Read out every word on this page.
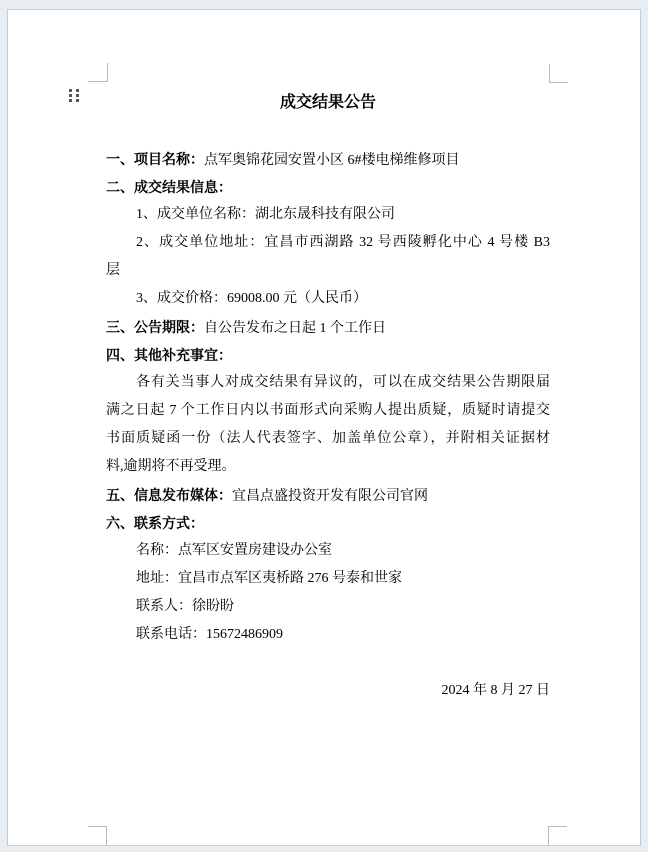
成交结果公告
一、项目名称：点军奥锦花园安置小区 6#楼电梯维修项目
二、成交结果信息：
1、成交单位名称：湖北东晟科技有限公司
2、成交单位地址：宜昌市西湖路 32 号西陵孵化中心 4 号楼 B3
层
3、成交价格：69008.00 元（人民币）
三、公告期限：自公告发布之日起 1 个工作日
四、其他补充事宜：
各有关当事人对成交结果有异议的，可以在成交结果公告期限届
满之日起 7 个工作日内以书面形式向采购人提出质疑，质疑时请提交
书面质疑函一份（法人代表签字、加盖单位公章），并附相关证据材
料,逾期将不再受理。
五、信息发布媒体：宜昌点盛投资开发有限公司官网
六、联系方式：
名称：点军区安置房建设办公室
地址：宜昌市点军区夷桥路 276 号泰和世家
联系人：徐盼盼
联系电话：15672486909
2024 年 8 月 27 日
